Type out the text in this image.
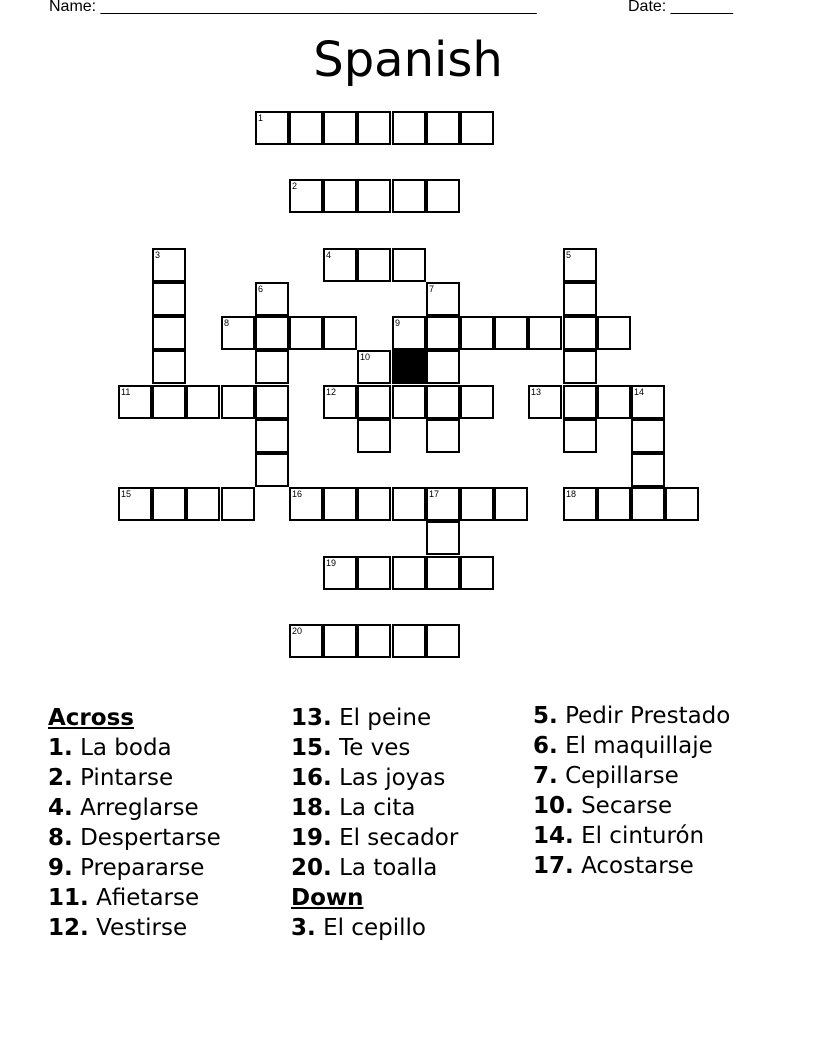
Name: _________________________________________________	Date: _______
Spanish
1
2
4
8	9
11	12	13	14
15	16	17	18
19
20
3	5
6	7
10
Across
1. La boda
2. Pintarse
4. Arreglarse
8. Despertarse
9. Prepararse
11. Afietarse
12. Vestirse
13. El peine
15. Te ves
16. Las joyas
18. La cita
19. El secador
20. La toalla
Down
3. El cepillo
5. Pedir Prestado
6. El maquillaje
7. Cepillarse
10. Secarse
14. El cinturón
17. Acostarse
